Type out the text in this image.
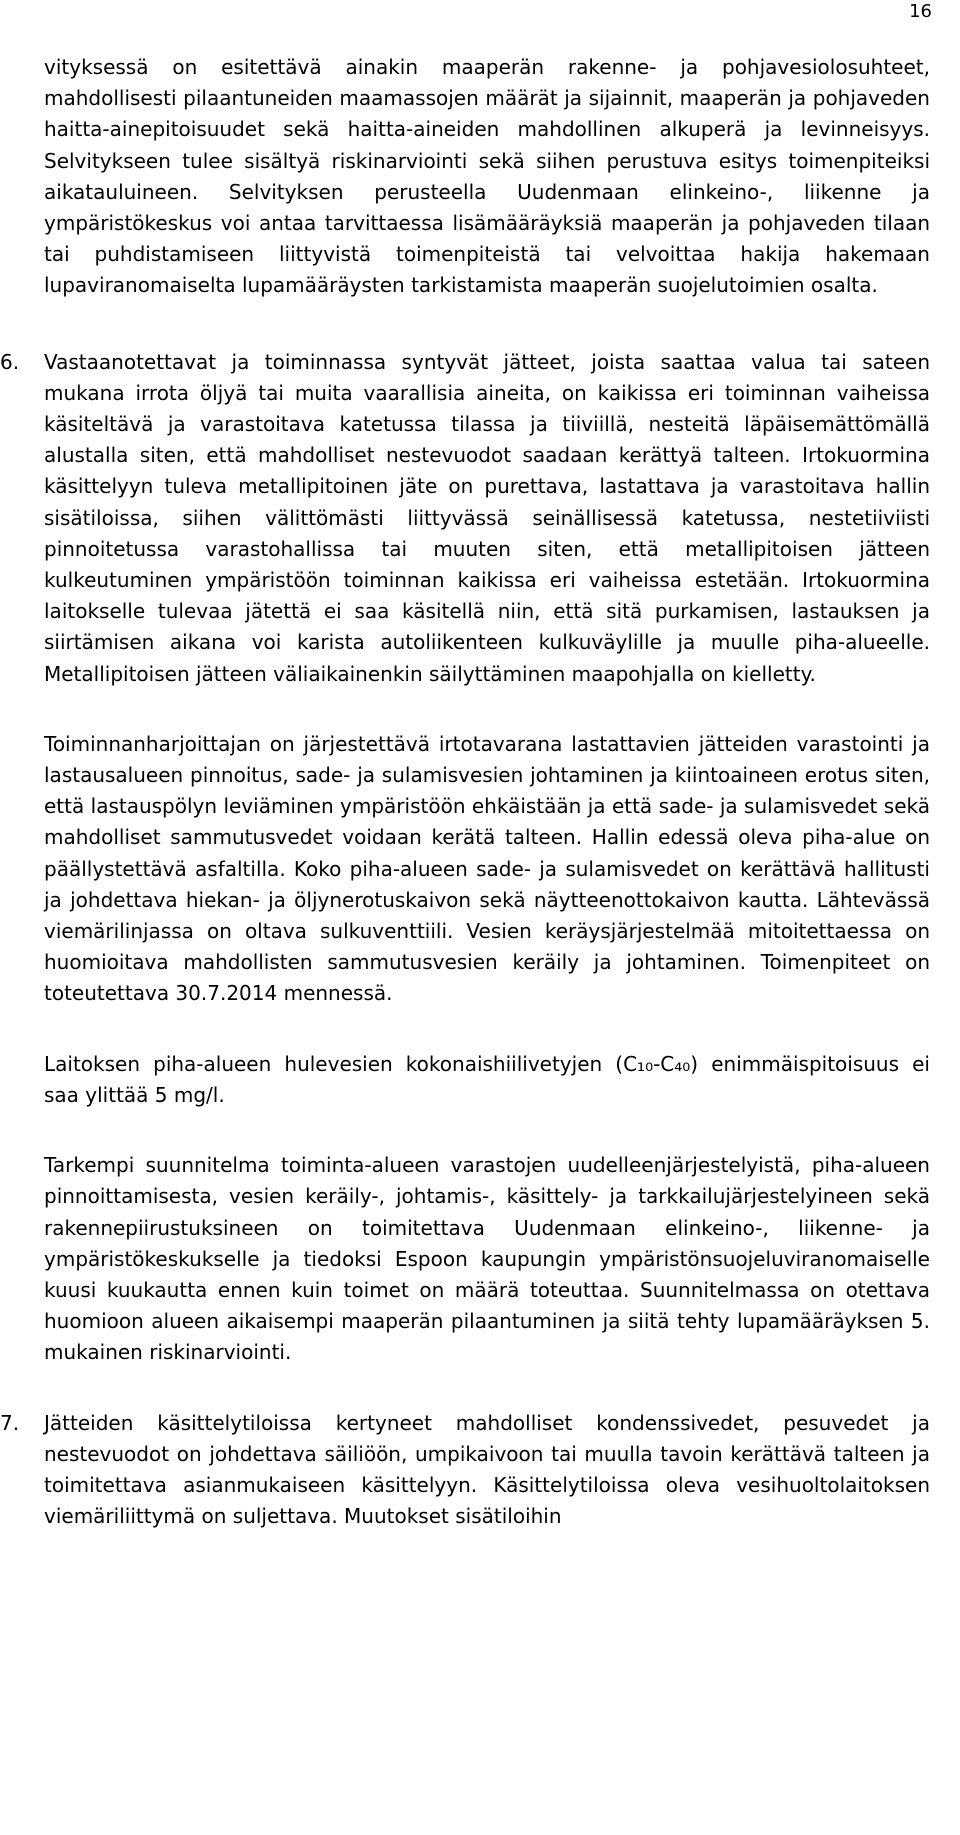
16

vityksessä on esitettävä ainakin maaperän rakenne- ja pohjavesiolosuhteet, mahdollisesti pilaantuneiden maamassojen määrät ja sijainnit, maaperän ja pohjaveden haitta-ainepitoisuudet sekä haitta-aineiden mahdollinen alkuperä ja levinneisyys. Selvitykseen tulee sisältyä riskinarviointi sekä siihen perustuva esitys toimenpiteiksi aikatauluineen. Selvityksen perusteella Uudenmaan elinkeino-, liikenne ja ympäristökeskus voi antaa tarvittaessa lisämääräyksiä maaperän ja pohjaveden tilaan tai puhdistamiseen liittyvistä toimenpiteistä tai velvoittaa hakija hakemaan lupaviranomaiselta lupamääräysten tarkistamista maaperän suojelutoimien osalta.

6.	Vastaanotettavat ja toiminnassa syntyvät jätteet, joista saattaa valua tai sateen mukana irrota öljyä tai muita vaarallisia aineita, on kaikissa eri toiminnan vaiheissa käsiteltävä ja varastoitava katetussa tilassa ja tiiviillä, nesteitä läpäisemättömällä alustalla siten, että mahdolliset nestevuodot saadaan kerättyä talteen. Irtokuormina käsittelyyn tuleva metallipitoinen jäte on purettava, lastattava ja varastoitava hallin sisätiloissa, siihen välittömästi liittyvässä seinällisessä katetussa, nestetiiviisti pinnoitetussa varastohallissa tai muuten siten, että metallipitoisen jätteen kulkeutuminen ympäristöön toiminnan kaikissa eri vaiheissa estetään. Irtokuormina laitokselle tulevaa jätettä ei saa käsitellä niin, että sitä purkamisen, lastauksen ja siirtämisen aikana voi karista autoliikenteen kulkuväylille ja muulle piha-alueelle. Metallipitoisen jätteen väliaikainenkin säilyttäminen maapohjalla on kielletty.

Toiminnanharjoittajan on järjestettävä irtotavarana lastattavien jätteiden varastointi ja lastausalueen pinnoitus, sade- ja sulamisvesien johtaminen ja kiintoaineen erotus siten, että lastauspölyn leviäminen ympäristöön ehkäistään ja että sade- ja sulamisvedet sekä mahdolliset sammutusvedet voidaan kerätä talteen. Hallin edessä oleva piha-alue on päällystettävä asfaltilla. Koko piha-alueen sade- ja sulamisvedet on kerättävä hallitusti ja johdettava hiekan- ja öljynerotuskaivon sekä näytteenottokaivon kautta. Lähtevässä viemärilinjassa on oltava sulkuventtiili. Vesien keräysjärjestelmää mitoitettaessa on huomioitava mahdollisten sammutusvesien keräily ja johtaminen. Toimenpiteet on toteutettava 30.7.2014 mennessä.

Laitoksen piha-alueen hulevesien kokonaishiilivetyjen (C₁₀-C₄₀) enimmäispitoisuus ei saa ylittää 5 mg/l.

Tarkempi suunnitelma toiminta-alueen varastojen uudelleenjärjestelyistä, piha-alueen pinnoittamisesta, vesien keräily-, johtamis-, käsittely- ja tarkkailujärjestelyineen sekä rakennepiirustuksineen on toimitettava Uudenmaan elinkeino-, liikenne- ja ympäristökeskukselle ja tiedoksi Espoon kaupungin ympäristönsuojeluviranomaiselle kuusi kuukautta ennen kuin toimet on määrä toteuttaa. Suunnitelmassa on otettava huomioon alueen aikaisempi maaperän pilaantuminen ja siitä tehty lupamääräyksen 5. mukainen riskinarviointi.

7.	Jätteiden käsittelytiloissa kertyneet mahdolliset kondenssivedet, pesuvedet ja nestevuodot on johdettava säiliöön, umpikaivoon tai muulla tavoin kerättävä talteen ja toimitettava asianmukaiseen käsittelyyn. Käsittelytiloissa oleva vesihuoltolaitoksen viemäriliittymä on suljettava. Muutokset sisätiloihin
